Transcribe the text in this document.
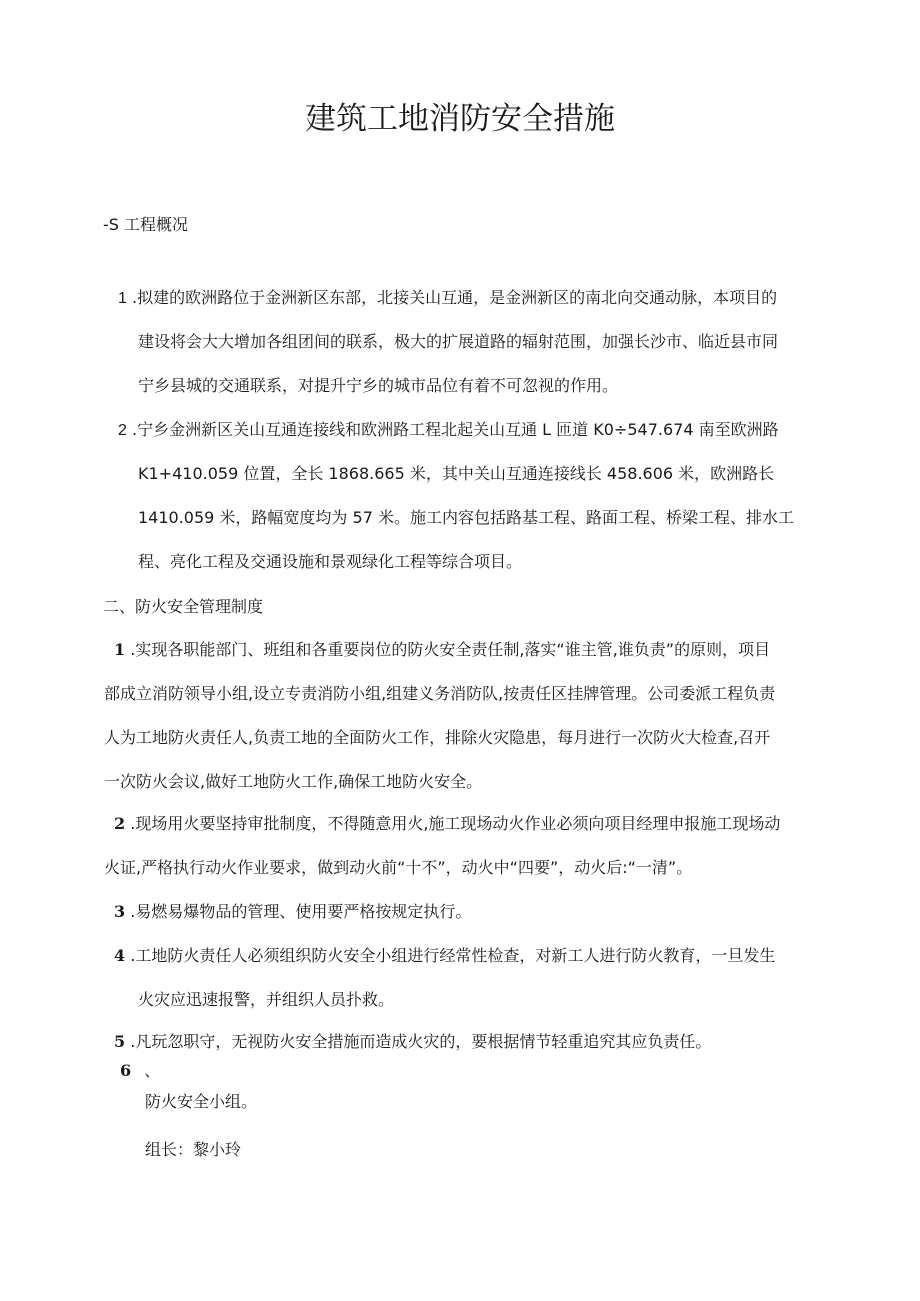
建筑工地消防安全措施

-S 工程概况

1 .拟建的欧洲路位于金洲新区东部，北接关山互通，是金洲新区的南北向交通动脉，本项目的
建设将会大大增加各组团间的联系，极大的扩展道路的辐射范围，加强长沙市、临近县市同
宁乡县城的交通联系，对提升宁乡的城市品位有着不可忽视的作用。
2 .宁乡金洲新区关山互通连接线和欧洲路工程北起关山互通 L 匝道 K0÷547.674 南至欧洲路
K1+410.059 位置，全长 1868.665 米，其中关山互通连接线长 458.606 米，欧洲路长
1410.059 米，路幅宽度均为 57 米。施工内容包括路基工程、路面工程、桥梁工程、排水工
程、亮化工程及交通设施和景观绿化工程等综合项目。

二、防火安全管理制度

1 .实现各职能部门、班组和各重要岗位的防火安全责任制,落实“谁主管,谁负责”的原则，项目
部成立消防领导小组,设立专责消防小组,组建义务消防队,按责任区挂牌管理。公司委派工程负责
人为工地防火责任人,负责工地的全面防火工作，排除火灾隐患，每月进行一次防火大检查,召开
一次防火会议,做好工地防火工作,确保工地防火安全。
2 .现场用火要坚持审批制度，不得随意用火,施工现场动火作业必须向项目经理申报施工现场动
火证,严格执行动火作业要求，做到动火前“十不”，动火中“四要”，动火后:“一清”。
3 .易燃易爆物品的管理、使用要严格按规定执行。
4 .工地防火责任人必须组织防火安全小组进行经常性检查，对新工人进行防火教育，一旦发生
火灾应迅速报警，并组织人员扑救。
5 .凡玩忽职守，无视防火安全措施而造成火灾的，要根据情节轻重追究其应负责任。
6 、

防火安全小组。

组长：黎小玲
